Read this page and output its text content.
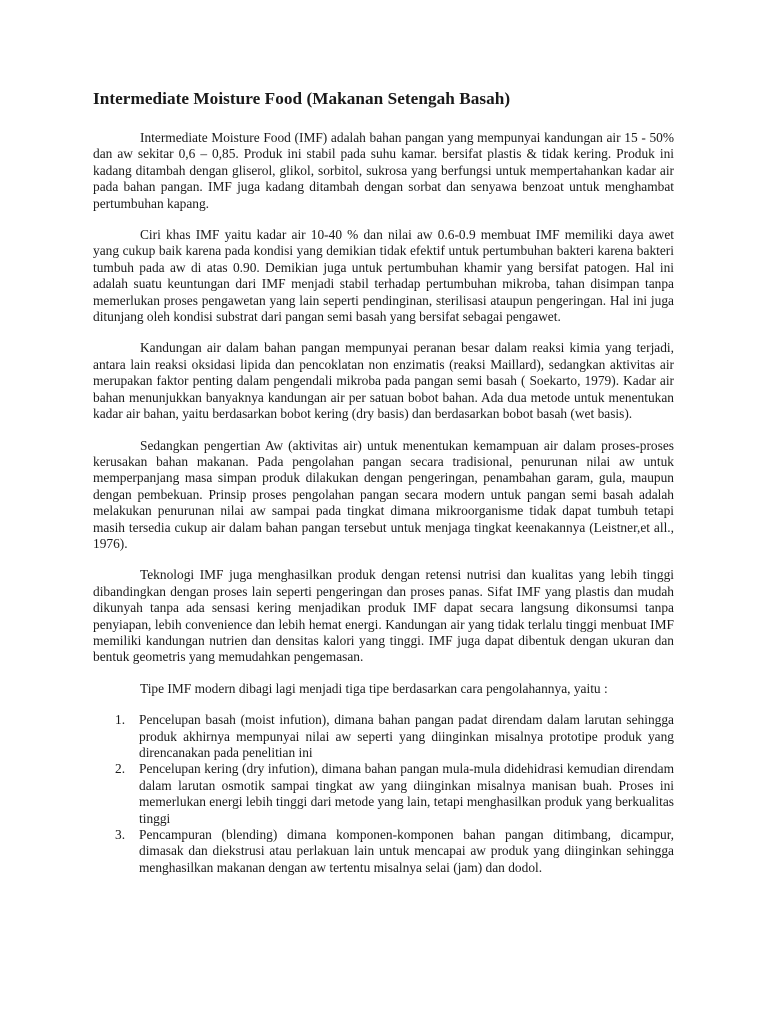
Intermediate Moisture Food (Makanan Setengah Basah)

Intermediate Moisture Food (IMF) adalah bahan pangan yang mempunyai kandungan air 15 - 50% dan aw sekitar 0,6 – 0,85. Produk ini stabil pada suhu kamar. bersifat plastis & tidak kering. Produk ini kadang ditambah dengan gliserol, glikol, sorbitol, sukrosa yang berfungsi untuk mempertahankan kadar air pada bahan pangan. IMF juga kadang ditambah dengan sorbat dan senyawa benzoat untuk menghambat pertumbuhan kapang.

Ciri khas IMF yaitu kadar air 10-40 % dan nilai aw 0.6-0.9 membuat IMF memiliki daya awet yang cukup baik karena pada kondisi yang demikian tidak efektif untuk pertumbuhan bakteri karena bakteri tumbuh pada aw di atas 0.90. Demikian juga untuk pertumbuhan khamir yang bersifat patogen. Hal ini adalah suatu keuntungan dari IMF menjadi stabil terhadap pertumbuhan mikroba, tahan disimpan tanpa memerlukan proses pengawetan yang lain seperti pendinginan, sterilisasi ataupun pengeringan. Hal ini juga ditunjang oleh kondisi substrat dari pangan semi basah yang bersifat sebagai pengawet.

Kandungan air dalam bahan pangan mempunyai peranan besar dalam reaksi kimia yang terjadi, antara lain reaksi oksidasi lipida dan pencoklatan non enzimatis (reaksi Maillard), sedangkan aktivitas air merupakan faktor penting dalam pengendali mikroba pada pangan semi basah ( Soekarto, 1979). Kadar air bahan menunjukkan banyaknya kandungan air per satuan bobot bahan. Ada dua metode untuk menentukan kadar air bahan, yaitu berdasarkan bobot kering (dry basis) dan berdasarkan bobot basah (wet basis).

Sedangkan pengertian Aw (aktivitas air) untuk menentukan kemampuan air dalam proses-proses kerusakan bahan makanan. Pada pengolahan pangan secara tradisional, penurunan nilai aw untuk memperpanjang masa simpan produk dilakukan dengan pengeringan, penambahan garam, gula, maupun dengan pembekuan. Prinsip proses pengolahan pangan secara modern untuk pangan semi basah adalah melakukan penurunan nilai aw sampai pada tingkat dimana mikroorganisme tidak dapat tumbuh tetapi masih tersedia cukup air dalam bahan pangan tersebut untuk menjaga tingkat keenakannya (Leistner,et all., 1976).

Teknologi IMF juga menghasilkan produk dengan retensi nutrisi dan kualitas yang lebih tinggi dibandingkan dengan proses lain seperti pengeringan dan proses panas. Sifat IMF yang plastis dan mudah dikunyah tanpa ada sensasi kering menjadikan produk IMF dapat secara langsung dikonsumsi tanpa penyiapan, lebih convenience dan lebih hemat energi. Kandungan air yang tidak terlalu tinggi menbuat IMF memiliki kandungan nutrien dan densitas kalori yang tinggi. IMF juga dapat dibentuk dengan ukuran dan bentuk geometris yang memudahkan pengemasan.

Tipe IMF modern dibagi lagi menjadi tiga tipe berdasarkan cara pengolahannya, yaitu :

1. Pencelupan basah (moist infution), dimana bahan pangan padat direndam dalam larutan sehingga produk akhirnya mempunyai nilai aw seperti yang diinginkan misalnya prototipe produk yang direncanakan pada penelitian ini
2. Pencelupan kering (dry infution), dimana bahan pangan mula-mula didehidrasi kemudian direndam dalam larutan osmotik sampai tingkat aw yang diinginkan misalnya manisan buah. Proses ini memerlukan energi lebih tinggi dari metode yang lain, tetapi menghasilkan produk yang berkualitas tinggi
3. Pencampuran (blending) dimana komponen-komponen bahan pangan ditimbang, dicampur, dimasak dan diekstrusi atau perlakuan lain untuk mencapai aw produk yang diinginkan sehingga menghasilkan makanan dengan aw tertentu misalnya selai (jam) dan dodol.
